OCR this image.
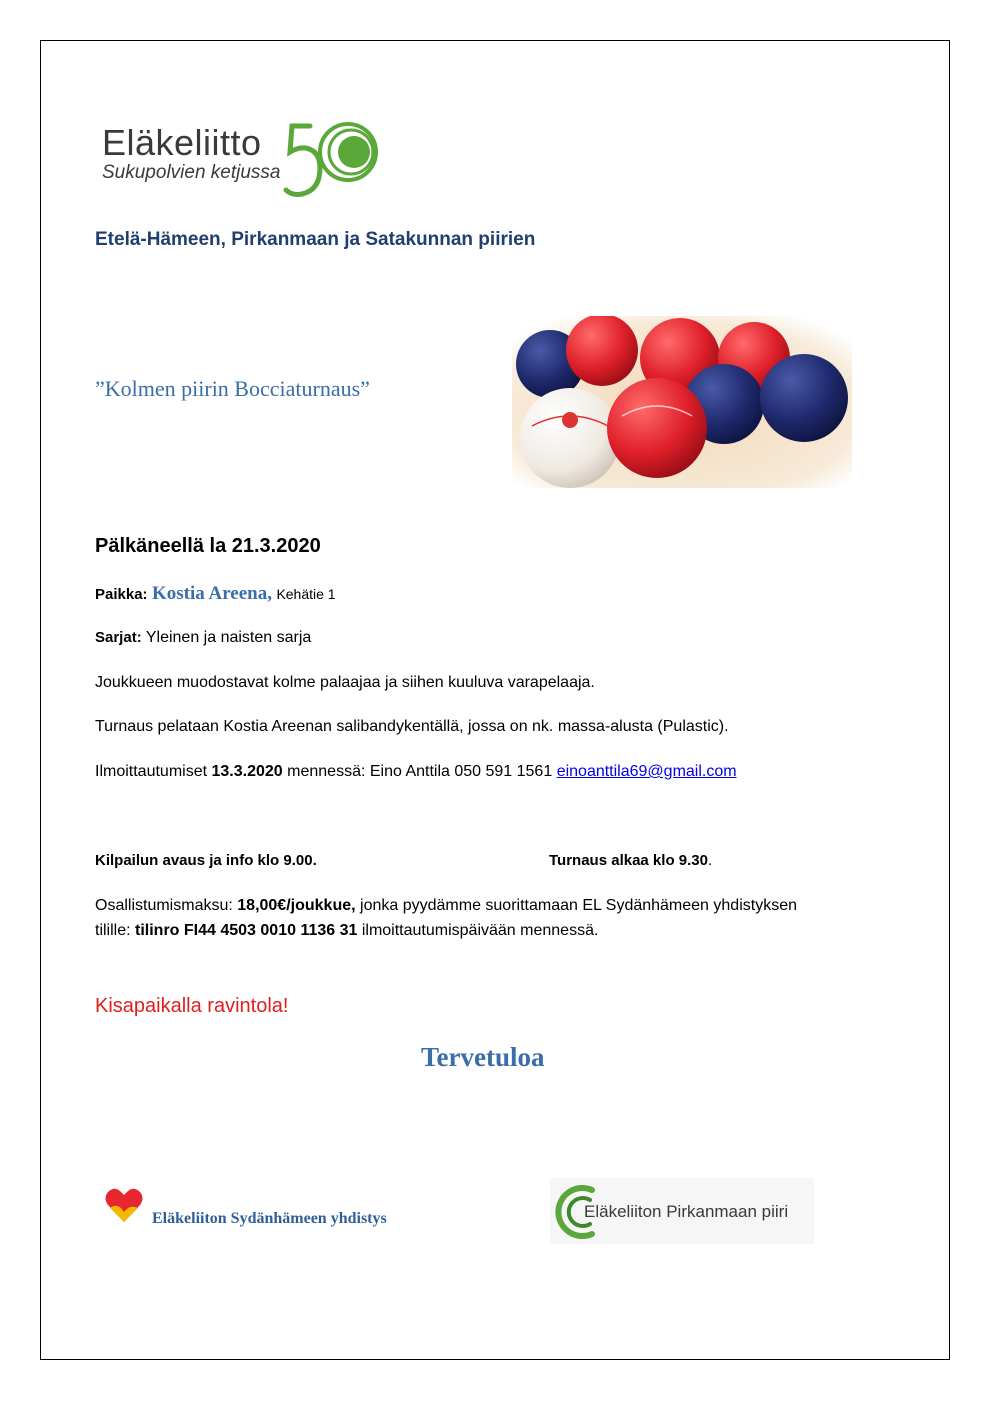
Eläkeliitto
Sukupolvien ketjussa
Etelä-Hämeen, Pirkanmaan ja Satakunnan piirien
”Kolmen piirin Bocciaturnaus”
Pälkäneellä la 21.3.2020
Paikka: Kostia Areena, Kehätie 1
Sarjat: Yleinen ja naisten sarja
Joukkueen muodostavat kolme palaajaa ja siihen kuuluva varapelaaja.
Turnaus pelataan Kostia Areenan salibandykentällä, jossa on nk. massa-alusta (Pulastic).
Ilmoittautumiset 13.3.2020 mennessä: Eino Anttila 050 591 1561 einoanttila69@gmail.com
Kilpailun avaus ja info klo 9.00.	Turnaus alkaa klo 9.30.
Osallistumismaksu: 18,00€/joukkue, jonka pyydämme suorittamaan EL Sydänhämeen yhdistyksen
tilille: tilinro FI44 4503 0010 1136 31 ilmoittautumispäivään mennessä.
Kisapaikalla ravintola!
Tervetuloa
Eläkeliiton Sydänhämeen yhdistys	Eläkeliiton Pirkanmaan piiri
